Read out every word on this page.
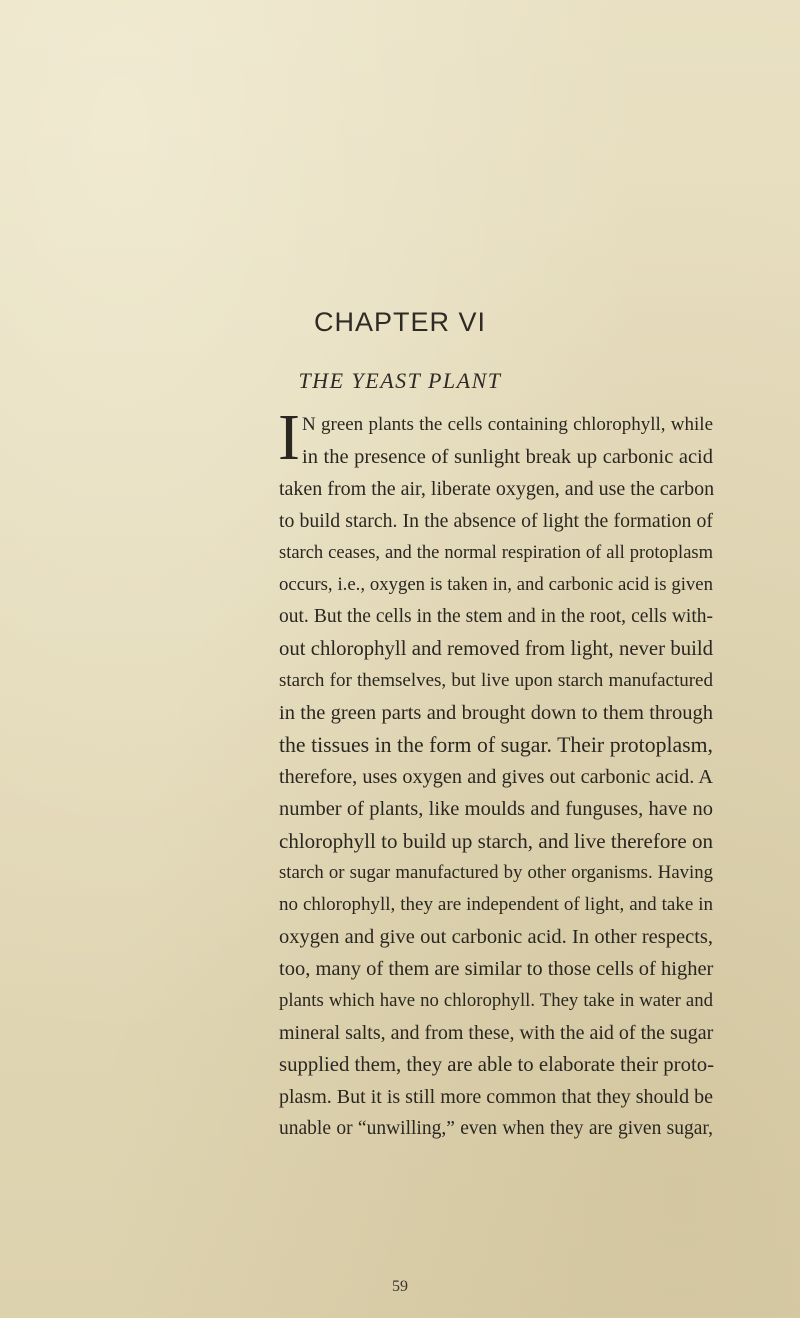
CHAPTER VI
THE YEAST PLANT
I N green plants the cells containing chlorophyll, while
in the presence of sunlight break up carbonic acid
taken from the air, liberate oxygen, and use the carbon
to build starch. In the absence of light the formation of
starch ceases, and the normal respiration of all protoplasm
occurs, i.e., oxygen is taken in, and carbonic acid is given
out. But the cells in the stem and in the root, cells with-
out chlorophyll and removed from light, never build
starch for themselves, but live upon starch manufactured
in the green parts and brought down to them through
the tissues in the form of sugar. Their protoplasm,
therefore, uses oxygen and gives out carbonic acid. A
number of plants, like moulds and funguses, have no
chlorophyll to build up starch, and live therefore on
starch or sugar manufactured by other organisms. Having
no chlorophyll, they are independent of light, and take in
oxygen and give out carbonic acid. In other respects,
too, many of them are similar to those cells of higher
plants which have no chlorophyll. They take in water and
mineral salts, and from these, with the aid of the sugar
supplied them, they are able to elaborate their proto-
plasm. But it is still more common that they should be
unable or “unwilling,” even when they are given sugar,
59
